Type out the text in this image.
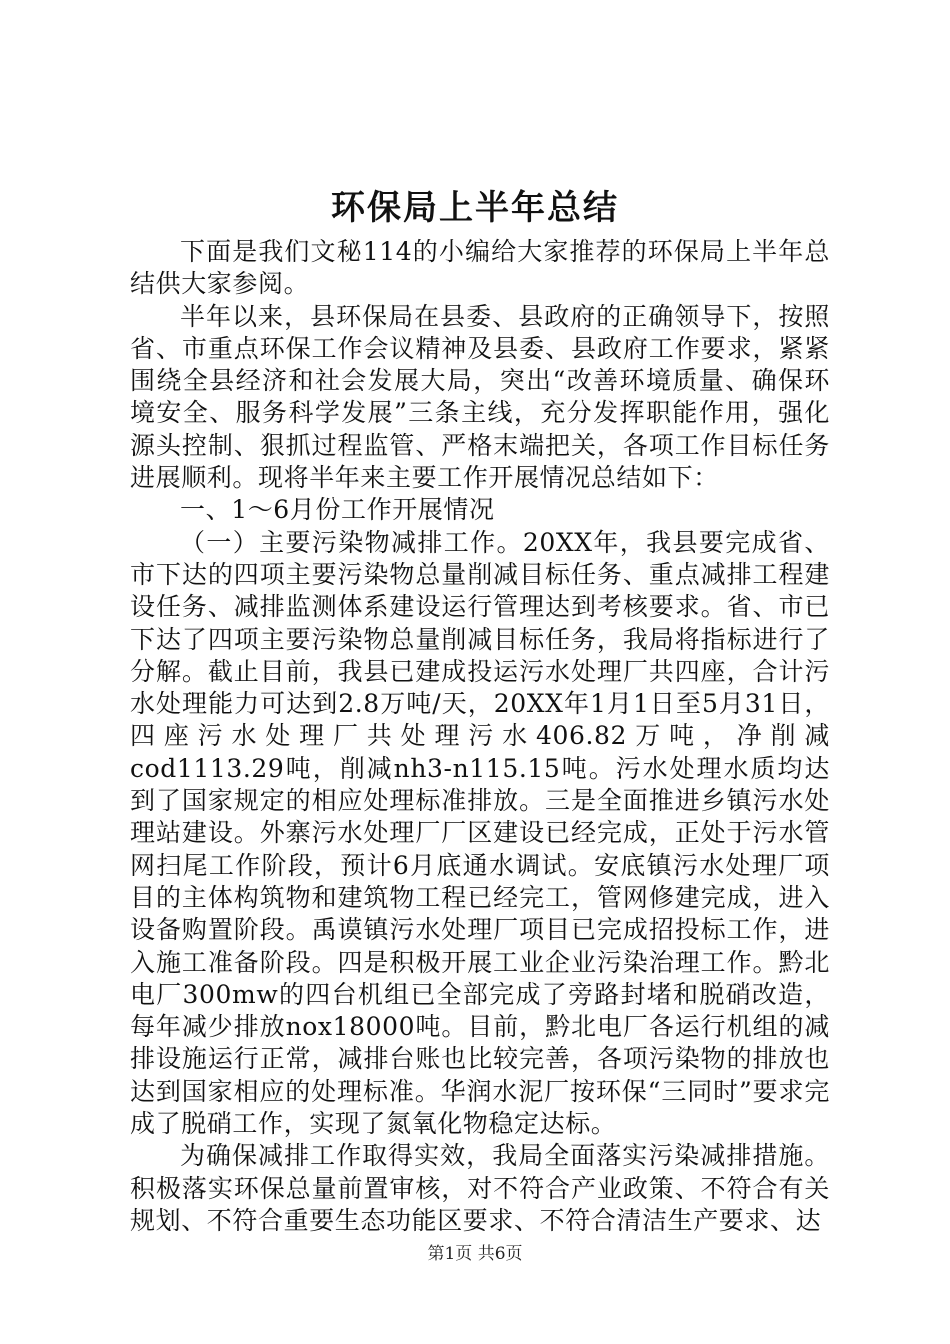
环保局上半年总结

下面是我们文秘114的小编给大家推荐的环保局上半年总结供大家参阅。

半年以来，县环保局在县委、县政府的正确领导下，按照省、市重点环保工作会议精神及县委、县政府工作要求，紧紧围绕全县经济和社会发展大局，突出“改善环境质量、确保环境安全、服务科学发展”三条主线，充分发挥职能作用，强化源头控制、狠抓过程监管、严格末端把关，各项工作目标任务进展顺利。现将半年来主要工作开展情况总结如下：

一、1～6月份工作开展情况

（一）主要污染物减排工作。20XX年，我县要完成省、市下达的四项主要污染物总量削减目标任务、重点减排工程建设任务、减排监测体系建设运行管理达到考核要求。省、市已下达了四项主要污染物总量削减目标任务，我局将指标进行了分解。截止目前，我县已建成投运污水处理厂共四座，合计污水处理能力可达到2.8万吨/天，20XX年1月1日至5月31日，四座污水处理厂共处理污水406.82万吨，净削减cod1113.29吨，削减nh3-n115.15吨。污水处理水质均达到了国家规定的相应处理标准排放。三是全面推进乡镇污水处理站建设。外寨污水处理厂厂区建设已经完成，正处于污水管网扫尾工作阶段，预计6月底通水调试。安底镇污水处理厂项目的主体构筑物和建筑物工程已经完工，管网修建完成，进入设备购置阶段。禹谟镇污水处理厂项目已完成招投标工作，进入施工准备阶段。四是积极开展工业企业污染治理工作。黔北电厂300mw的四台机组已全部完成了旁路封堵和脱硝改造，每年减少排放nox18000吨。目前，黔北电厂各运行机组的减排设施运行正常，减排台账也比较完善，各项污染物的排放也达到国家相应的处理标准。华润水泥厂按环保“三同时”要求完成了脱硝工作，实现了氮氧化物稳定达标。

为确保减排工作取得实效，我局全面落实污染减排措施。积极落实环保总量前置审核，对不符合产业政策、不符合有关规划、不符合重要生态功能区要求、不符合清洁生产要求、达

第1页 共6页
